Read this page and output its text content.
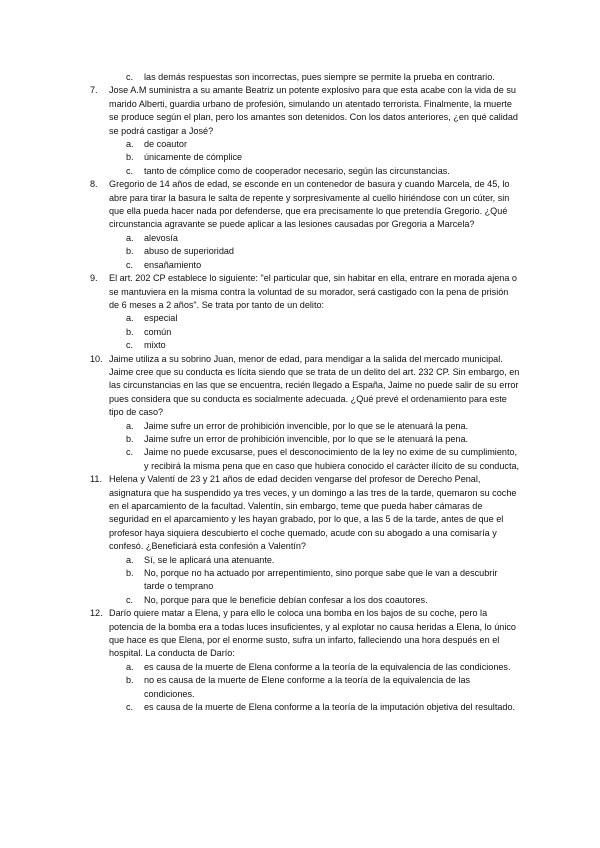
c. las demás respuestas son incorrectas, pues siempre se permite la prueba en contrario.
7. Jose A.M suministra a su amante Beatriz un potente explosivo para que esta acabe con la vida de su marido Alberti, guardia urbano de profesión, simulando un atentado terrorista. Finalmente, la muerte se produce según el plan, pero los amantes son detenidos. Con los datos anteriores, ¿en qué calidad se podrá castigar a José?
a. de coautor
b. únicamente de cómplice
c. tanto de cómplice como de cooperador necesario, según las circunstancias.
8. Gregorio de 14 años de edad, se esconde en un contenedor de basura y cuando Marcela, de 45, lo abre para tirar la basura le salta de repente y sorpresivamente al cuello hiriéndose con un cúter, sin que ella pueda hacer nada por defenderse, que era precisamente lo que pretendía Gregorio. ¿Qué circunstancia agravante se puede aplicar a las lesiones causadas por Gregoria a Marcela?
a. alevosía
b. abuso de superioridad
c. ensañamiento
9. El art. 202 CP establece lo siguiente: "el particular que, sin habitar en ella, entrare en morada ajena o se mantuviera en la misma contra la voluntad de su morador, será castigado con la pena de prisión de 6 meses a 2 años". Se trata por tanto de un delito:
a. especial
b. común
c. mixto
10. Jaime utiliza a su sobrino Juan, menor de edad, para mendigar a la salida del mercado municipal. Jaime cree que su conducta es lícita siendo que se trata de un delito del art. 232 CP. Sin embargo, en las circunstancias en las que se encuentra, recién llegado a España, Jaime no puede salir de su error pues considera que su conducta es socialmente adecuada. ¿Qué prevé el ordenamiento para este tipo de caso?
a. Jaime sufre un error de prohibición invencible, por lo que se le atenuará la pena.
b. Jaime sufre un error de prohibición invencible, por lo que se le atenuará la pena.
c. Jaime no puede excusarse, pues el desconocimiento de la ley no exime de su cumplimiento, y recibirá la misma pena que en caso que hubiera conocido el carácter ilícito de su conducta,
11. Helena y Valentí de 23 y 21 años de edad deciden vengarse del profesor de Derecho Penal, asignatura que ha suspendido ya tres veces, y un domingo a las tres de la tarde, quemaron su coche en el aparcamiento de la facultad. Valentín, sin embargo, teme que pueda haber cámaras de seguridad en el aparcamiento y les hayan grabado, por lo que, a las 5 de la tarde, antes de que el profesor haya siquiera descubierto el coche quemado, acude con su abogado a una comisaría y confesó. ¿Beneficiará esta confesión a Valentín?
a. Sí, se le aplicará una atenuante.
b. No, porque no ha actuado por arrepentimiento, sino porque sabe que le van a descubrir tarde o temprano
c. No, porque para que le beneficie debían confesar a los dos coautores.
12. Darío quiere matar a Elena, y para ello le coloca una bomba en los bajos de su coche, pero la potencia de la bomba era a todas luces insuficientes, y al explotar no causa heridas a Elena, lo único que hace es que Elena, por el enorme susto, sufra un infarto, falleciendo una hora después en el hospital. La conducta de Darío:
a. es causa de la muerte de Elena conforme a la teoría de la equivalencia de las condiciones.
b. no es causa de la muerte de Elene conforme a la teoría de la equivalencia de las condiciones.
c. es causa de la muerte de Elena conforme a la teoría de la imputación objetiva del resultado.
